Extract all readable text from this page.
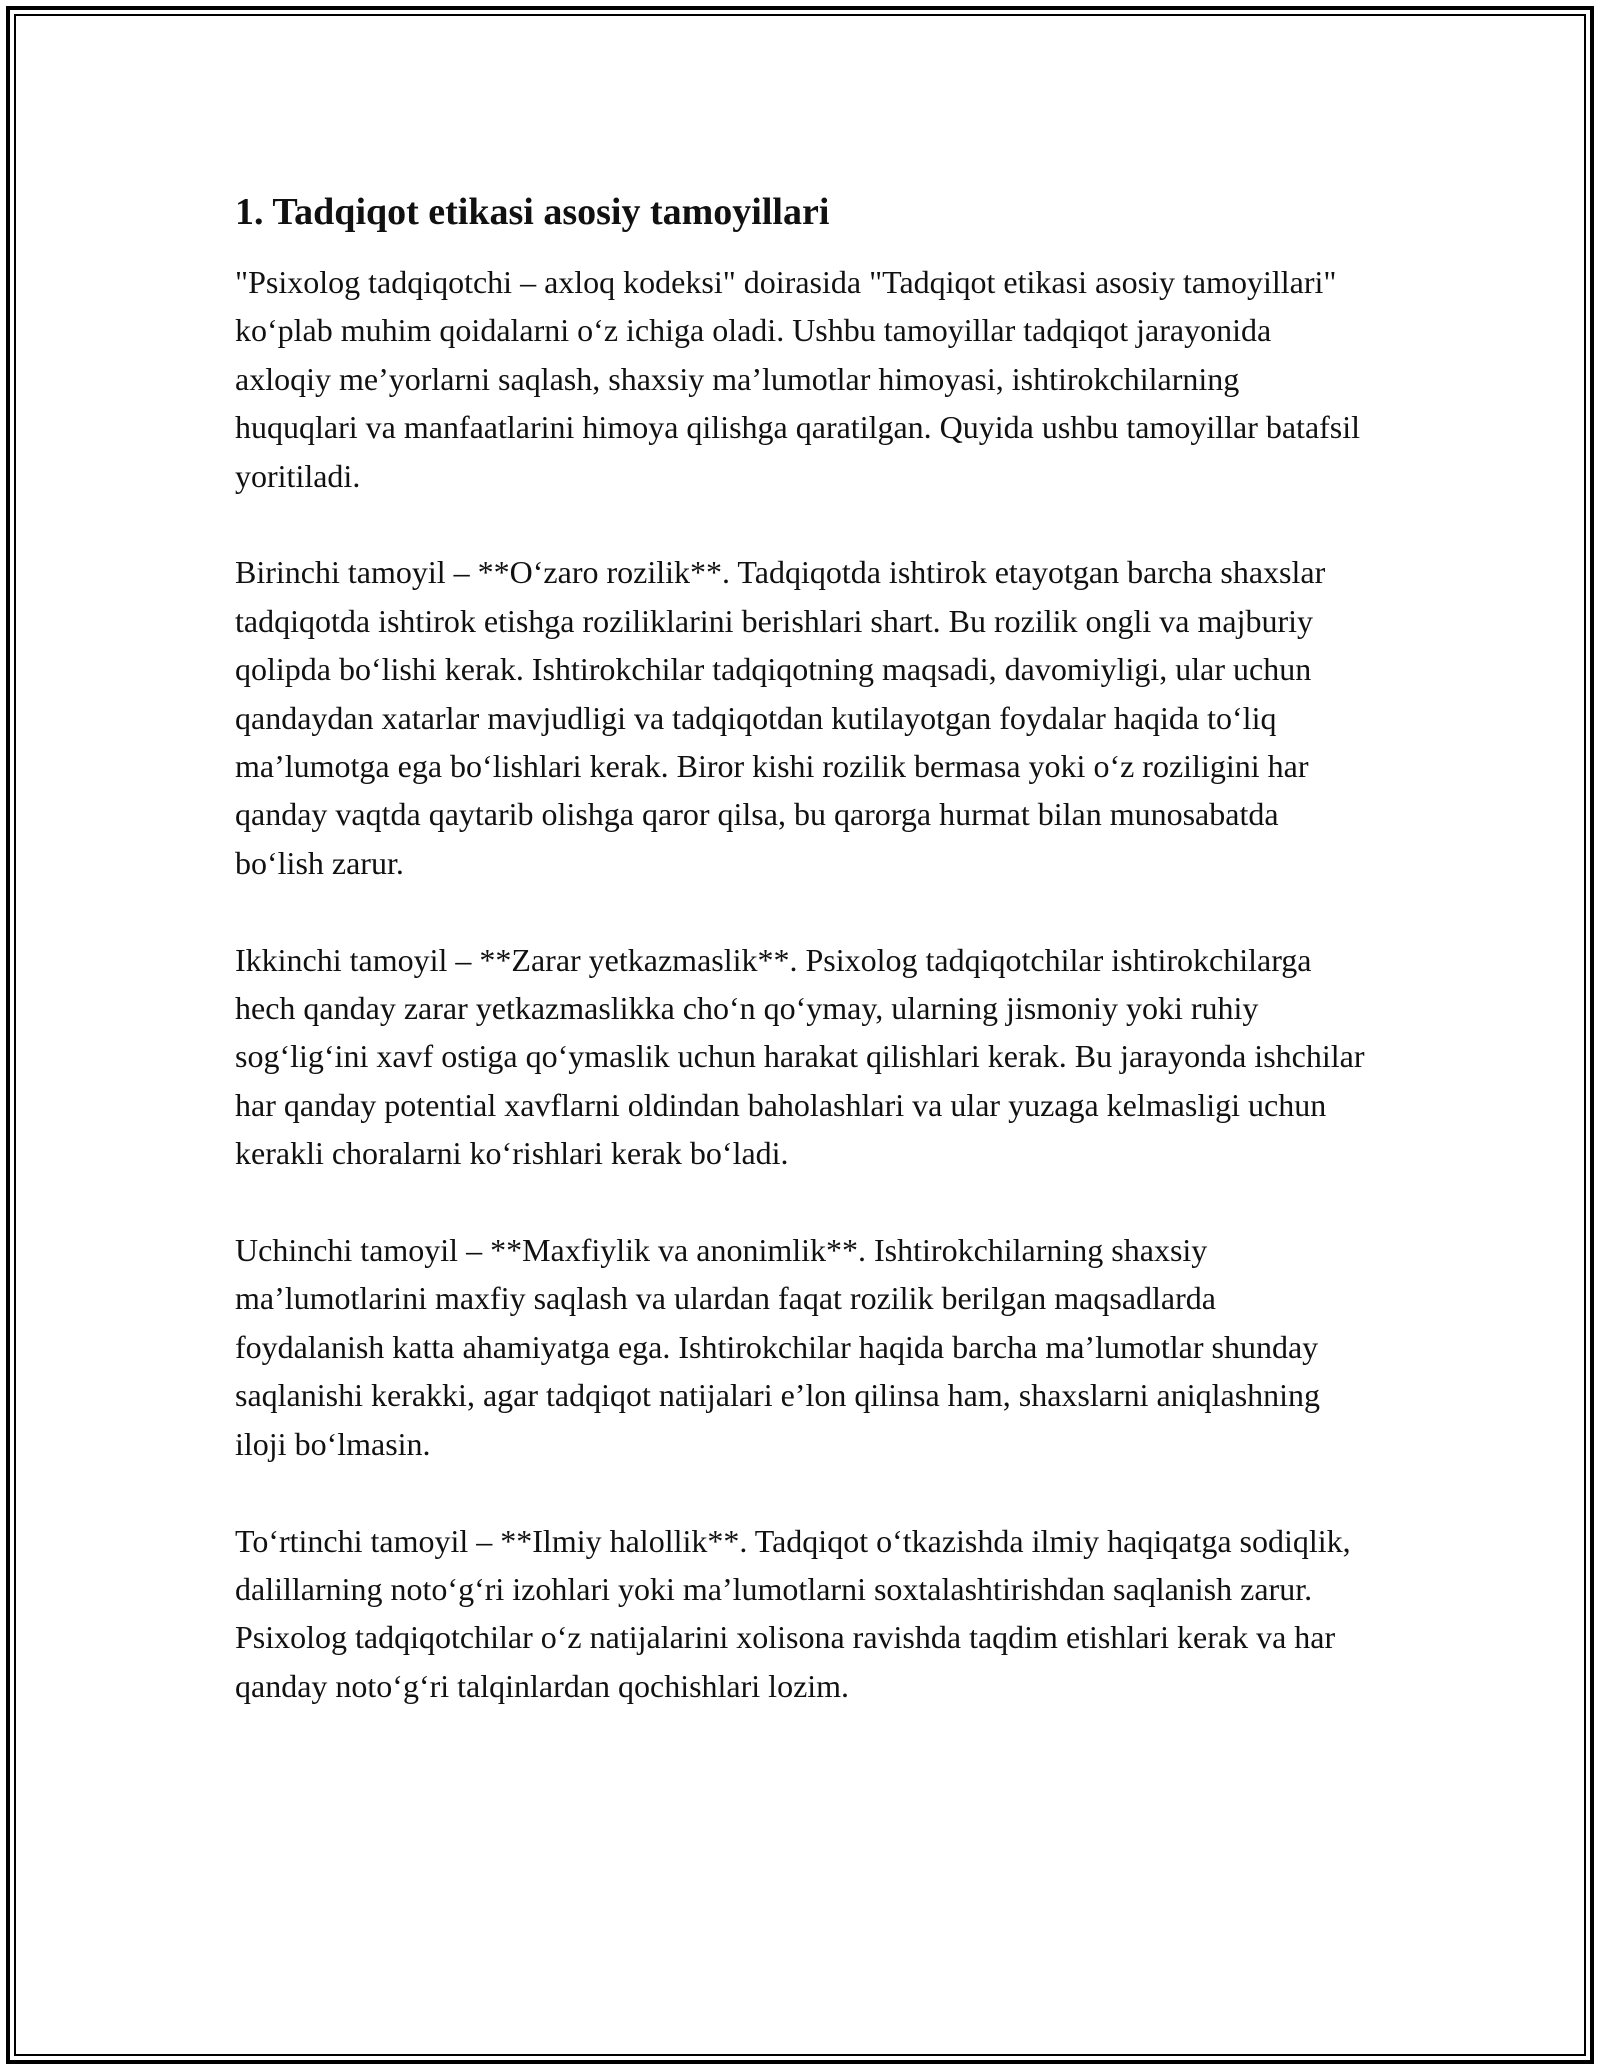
1. Tadqiqot etikasi asosiy tamoyillari

"Psixolog tadqiqotchi – axloq kodeksi" doirasida "Tadqiqot etikasi asosiy tamoyillari" ko‘plab muhim qoidalarni o‘z ichiga oladi. Ushbu tamoyillar tadqiqot jarayonida axloqiy me’yorlarni saqlash, shaxsiy ma’lumotlar himoyasi, ishtirokchilarning huquqlari va manfaatlarini himoya qilishga qaratilgan. Quyida ushbu tamoyillar batafsil yoritiladi.

Birinchi tamoyil – **O‘zaro rozilik**. Tadqiqotda ishtirok etayotgan barcha shaxslar tadqiqotda ishtirok etishga roziliklarini berishlari shart. Bu rozilik ongli va majburiy qolipda bo‘lishi kerak. Ishtirokchilar tadqiqotning maqsadi, davomiyligi, ular uchun qandaydan xatarlar mavjudligi va tadqiqotdan kutilayotgan foydalar haqida to‘liq ma’lumotga ega bo‘lishlari kerak. Biror kishi rozilik bermasa yoki o‘z roziligini har qanday vaqtda qaytarib olishga qaror qilsa, bu qarorga hurmat bilan munosabatda bo‘lish zarur.

Ikkinchi tamoyil – **Zarar yetkazmaslik**. Psixolog tadqiqotchilar ishtirokchilarga hech qanday zarar yetkazmaslikka cho‘n qo‘ymay, ularning jismoniy yoki ruhiy sog‘lig‘ini xavf ostiga qo‘ymaslik uchun harakat qilishlari kerak. Bu jarayonda ishchilar har qanday potential xavflarni oldindan baholashlari va ular yuzaga kelmasligi uchun kerakli choralarni ko‘rishlari kerak bo‘ladi.

Uchinchi tamoyil – **Maxfiylik va anonimlik**. Ishtirokchilarning shaxsiy ma’lumotlarini maxfiy saqlash va ulardan faqat rozilik berilgan maqsadlarda foydalanish katta ahamiyatga ega. Ishtirokchilar haqida barcha ma’lumotlar shunday saqlanishi kerakki, agar tadqiqot natijalari e’lon qilinsa ham, shaxslarni aniqlashning iloji bo‘lmasin.

To‘rtinchi tamoyil – **Ilmiy halollik**. Tadqiqot o‘tkazishda ilmiy haqiqatga sodiqlik, dalillarning noto‘g‘ri izohlari yoki ma’lumotlarni soxtalashtirishdan saqlanish zarur. Psixolog tadqiqotchilar o‘z natijalarini xolisona ravishda taqdim etishlari kerak va har qanday noto‘g‘ri talqinlardan qochishlari lozim.
